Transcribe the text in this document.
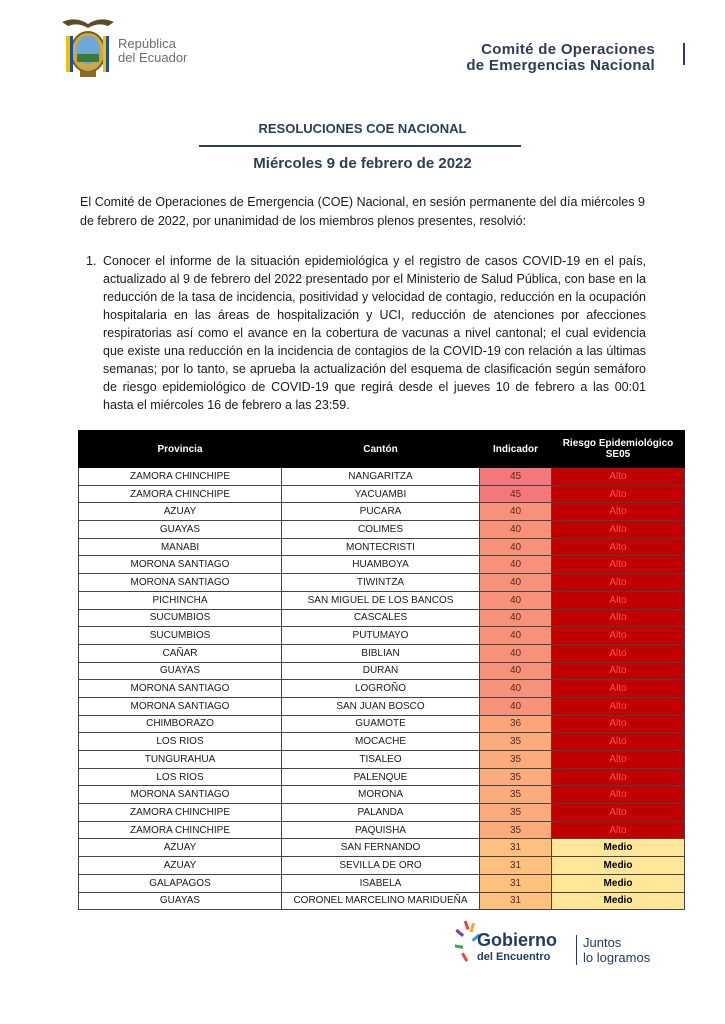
República
del Ecuador	Comité de Operaciones
de Emergencias Nacional
RESOLUCIONES COE NACIONAL
Miércoles 9 de febrero de 2022

El Comité de Operaciones de Emergencia (COE) Nacional, en sesión permanente del día miércoles 9 de febrero de 2022, por unanimidad de los miembros plenos presentes, resolvió:

1. Conocer el informe de la situación epidemiológica y el registro de casos COVID-19 en el país, actualizado al 9 de febrero del 2022 presentado por el Ministerio de Salud Pública, con base en la reducción de la tasa de incidencia, positividad y velocidad de contagio, reducción en la ocupación hospitalaria en las áreas de hospitalización y UCI, reducción de atenciones por afecciones respiratorias así como el avance en la cobertura de vacunas a nivel cantonal; el cual evidencia que existe una reducción en la incidencia de contagios de la COVID-19 con relación a las últimas semanas; por lo tanto, se aprueba la actualización del esquema de clasificación según semáforo de riesgo epidemiológico de COVID-19 que regirá desde el jueves 10 de febrero a las 00:01 hasta el miércoles 16 de febrero a las 23:59.

Provincia	Cantón	Indicador	Riesgo Epidemiológico
SE05

ZAMORA CHINCHIPE	NANGARITZA	45	Alto
ZAMORA CHINCHIPE	YACUAMBI	45	Alto
AZUAY	PUCARA	40	Alto
GUAYAS	COLIMES	40	Alto
MANABI	MONTECRISTI	40	Alto
MORONA SANTIAGO	HUAMBOYA	40	Alto
MORONA SANTIAGO	TIWINTZA	40	Alto
PICHINCHA	SAN MIGUEL DE LOS BANCOS	40	Alto
SUCUMBIOS	CASCALES	40	Alto
SUCUMBIOS	PUTUMAYO	40	Alto
CAÑAR	BIBLIAN	40	Alto
GUAYAS	DURAN	40	Alto
MORONA SANTIAGO	LOGROÑO	40	Alto
MORONA SANTIAGO	SAN JUAN BOSCO	40	Alto
CHIMBORAZO	GUAMOTE	36	Alto
LOS RIOS	MOCACHE	35	Alto
TUNGURAHUA	TISALEO	35	Alto
LOS RIOS	PALENQUE	35	Alto
MORONA SANTIAGO	MORONA	35	Alto
ZAMORA CHINCHIPE	PALANDA	35	Alto
ZAMORA CHINCHIPE	PAQUISHA	35	Alto
AZUAY	SAN FERNANDO	31	Medio
AZUAY	SEVILLA DE ORO	31	Medio
GALAPAGOS	ISABELA	31	Medio
GUAYAS	CORONEL MARCELINO MARIDUEÑA	31	Medio
Gobierno
del Encuentro
Juntos
lo logramos
